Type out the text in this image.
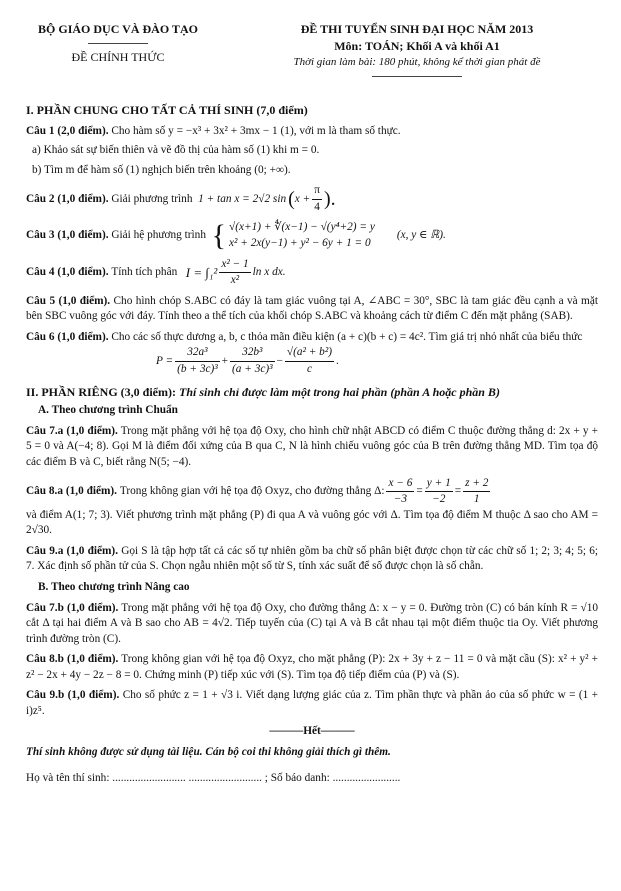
BỘ GIÁO DỤC VÀ ĐÀO TẠO
ĐỀ CHÍNH THỨC
ĐỀ THI TUYỂN SINH ĐẠI HỌC NĂM 2013
Môn: TOÁN; Khối A và khối A1
Thời gian làm bài: 180 phút, không kể thời gian phát đề
I. PHẦN CHUNG CHO TẤT CẢ THÍ SINH (7,0 điểm)
Câu 1 (2,0 điểm). Cho hàm số y = −x³ + 3x² + 3mx − 1 (1), với m là tham số thực.
a) Khảo sát sự biến thiên và vẽ đồ thị của hàm số (1) khi m = 0.
b) Tìm m để hàm số (1) nghịch biến trên khoảng (0; +∞).
Câu 2 (1,0 điểm).
Giải phương trình
1 + tan x = 2√2 sin ( $x + \frac{\pi}{4}$ ).
Câu 3 (1,0 điểm).
Giải hệ phương trình
{ √(x+1) + ∜(x−1) − √(y⁴+2) = y
x² + 2x(y−1) + y² − 6y + 1 = 0
(x, y ∈ ℝ).
Câu 4 (1,0 điểm).
Tính tích phân
$I = \int_1^2 \frac{\text{x² − 1}}{\text{x²}}$ ln x dx.
Câu 5 (1,0 điểm). Cho hình chóp S.ABC có đáy là tam giác vuông tại A, ∠ABC = 30°, SBC là tam giác đều cạnh a và mặt bên SBC vuông góc với đáy. Tính theo a thể tích của khối chóp S.ABC và khoảng cách từ điểm C đến mặt phẳng (SAB).
Câu 6 (1,0 điểm). Cho các số thực dương a, b, c thỏa mãn điều kiện (a + c)(b + c) = 4c². Tìm giá trị nhỏ nhất của biểu thức
$P = \frac{\text{32a³}}{\text{(b + 3c)³}} + \frac{\text{32b³}}{\text{(a + 3c)³}} - \frac{\text{√(a² + b²)}}{c}$ .
II. PHẦN RIÊNG (3,0 điểm): Thí sinh chỉ được làm một trong hai phần (phần A hoặc phần B)
A. Theo chương trình Chuẩn
Câu 7.a (1,0 điểm). Trong mặt phẳng với hệ tọa độ Oxy, cho hình chữ nhật ABCD có điểm C thuộc đường thẳng d: 2x + y + 5 = 0 và A(−4; 8). Gọi M là điểm đối xứng của B qua C, N là hình chiếu vuông góc của B trên đường thẳng MD. Tìm tọa độ các điểm B và C, biết rằng N(5; −4).
Câu 8.a (1,0 điểm).
Trong không gian với hệ tọa độ Oxyz, cho đường thẳng Δ: $\frac{x - 6}{-3} = \frac{y + 1}{-2} = \frac{z + 2}{1}$
và điểm A(1; 7; 3). Viết phương trình mặt phẳng (P) đi qua A và vuông góc với Δ. Tìm tọa độ điểm M thuộc Δ sao cho AM = 2√30.
Câu 9.a (1,0 điểm). Gọi S là tập hợp tất cả các số tự nhiên gồm ba chữ số phân biệt được chọn từ các chữ số 1; 2; 3; 4; 5; 6; 7. Xác định số phần tử của S. Chọn ngẫu nhiên một số từ S, tính xác suất để số được chọn là số chẵn.
B. Theo chương trình Nâng cao
Câu 7.b (1,0 điểm). Trong mặt phẳng với hệ tọa độ Oxy, cho đường thẳng Δ: x − y = 0. Đường tròn (C) có bán kính R = √10 cắt Δ tại hai điểm A và B sao cho AB = 4√2. Tiếp tuyến của (C) tại A và B cắt nhau tại một điểm thuộc tia Oy. Viết phương trình đường tròn (C).
Câu 8.b (1,0 điểm). Trong không gian với hệ tọa độ Oxyz, cho mặt phẳng (P): 2x + 3y + z − 11 = 0 và mặt cầu (S): x² + y² + z² − 2x + 4y − 2z − 8 = 0. Chứng minh (P) tiếp xúc với (S). Tìm tọa độ tiếp điểm của (P) và (S).
Câu 9.b (1,0 điểm). Cho số phức z = 1 + √3 i. Viết dạng lượng giác của z. Tìm phần thực và phần ảo của số phức w = (1 + i)z⁵.
———Hết———
Thí sinh không được sử dụng tài liệu. Cán bộ coi thi không giải thích gì thêm.
Họ và tên thí sinh: .......................... .......................... ; Số báo danh: ........................
